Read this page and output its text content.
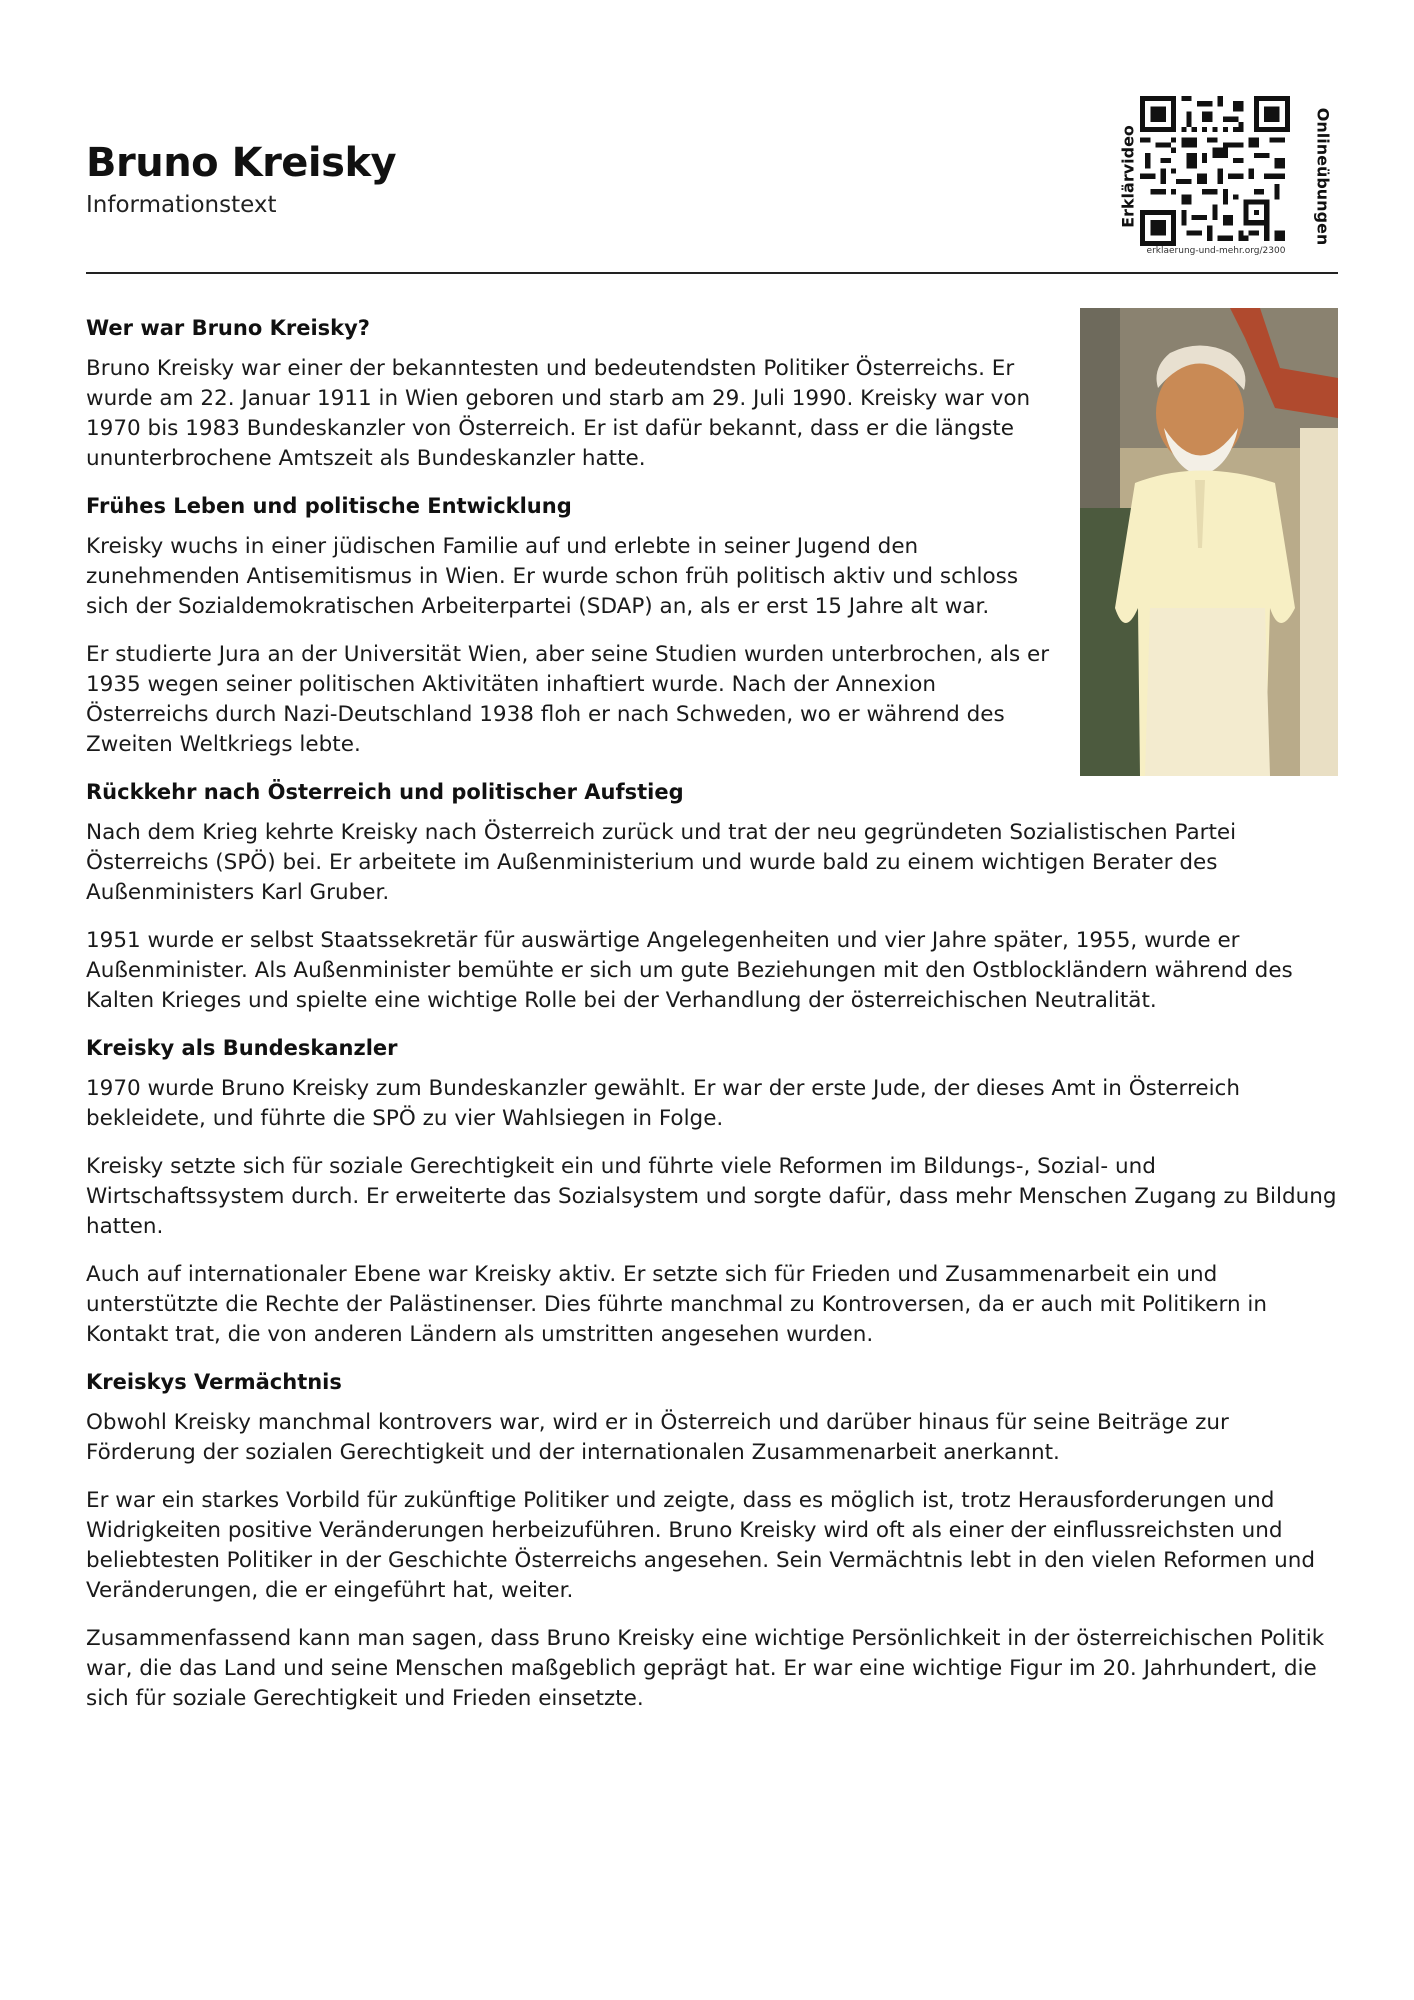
Bruno Kreisky
Informationstext	Erklärvideo
erklaerung-und-mehr.org/2300
Onlineübungen
Wer war Bruno Kreisky?

Bruno Kreisky war einer der bekanntesten und bedeutendsten Politiker Österreichs. Er wurde am 22. Januar 1911 in Wien geboren und starb am 29. Juli 1990. Kreisky war von 1970 bis 1983 Bundeskanzler von Österreich. Er ist dafür bekannt, dass er die längste ununterbrochene Amtszeit als Bundeskanzler hatte.

Frühes Leben und politische Entwicklung

Kreisky wuchs in einer jüdischen Familie auf und erlebte in seiner Jugend den zunehmenden Antisemitismus in Wien. Er wurde schon früh politisch aktiv und schloss sich der Sozialdemokratischen Arbeiterpartei (SDAP) an, als er erst 15 Jahre alt war.

Er studierte Jura an der Universität Wien, aber seine Studien wurden unterbrochen, als er 1935 wegen seiner politischen Aktivitäten inhaftiert wurde. Nach der Annexion Österreichs durch Nazi-Deutschland 1938 floh er nach Schweden, wo er während des Zweiten Weltkriegs lebte.

Rückkehr nach Österreich und politischer Aufstieg

Nach dem Krieg kehrte Kreisky nach Österreich zurück und trat der neu gegründeten Sozialistischen Partei Österreichs (SPÖ) bei. Er arbeitete im Außenministerium und wurde bald zu einem wichtigen Berater des Außenministers Karl Gruber.

1951 wurde er selbst Staatssekretär für auswärtige Angelegenheiten und vier Jahre später, 1955, wurde er Außenminister. Als Außenminister bemühte er sich um gute Beziehungen mit den Ostblockländern während des Kalten Krieges und spielte eine wichtige Rolle bei der Verhandlung der österreichischen Neutralität.

Kreisky als Bundeskanzler

1970 wurde Bruno Kreisky zum Bundeskanzler gewählt. Er war der erste Jude, der dieses Amt in Österreich bekleidete, und führte die SPÖ zu vier Wahlsiegen in Folge.

Kreisky setzte sich für soziale Gerechtigkeit ein und führte viele Reformen im Bildungs-, Sozial- und Wirtschaftssystem durch. Er erweiterte das Sozialsystem und sorgte dafür, dass mehr Menschen Zugang zu Bildung hatten.

Auch auf internationaler Ebene war Kreisky aktiv. Er setzte sich für Frieden und Zusammenarbeit ein und unterstützte die Rechte der Palästinenser. Dies führte manchmal zu Kontroversen, da er auch mit Politikern in Kontakt trat, die von anderen Ländern als umstritten angesehen wurden.

Kreiskys Vermächtnis

Obwohl Kreisky manchmal kontrovers war, wird er in Österreich und darüber hinaus für seine Beiträge zur Förderung der sozialen Gerechtigkeit und der internationalen Zusammenarbeit anerkannt.

Er war ein starkes Vorbild für zukünftige Politiker und zeigte, dass es möglich ist, trotz Herausforderungen und Widrigkeiten positive Veränderungen herbeizuführen. Bruno Kreisky wird oft als einer der einflussreichsten und beliebtesten Politiker in der Geschichte Österreichs angesehen. Sein Vermächtnis lebt in den vielen Reformen und Veränderungen, die er eingeführt hat, weiter.

Zusammenfassend kann man sagen, dass Bruno Kreisky eine wichtige Persönlichkeit in der österreichischen Politik war, die das Land und seine Menschen maßgeblich geprägt hat. Er war eine wichtige Figur im 20. Jahrhundert, die sich für soziale Gerechtigkeit und Frieden einsetzte.
